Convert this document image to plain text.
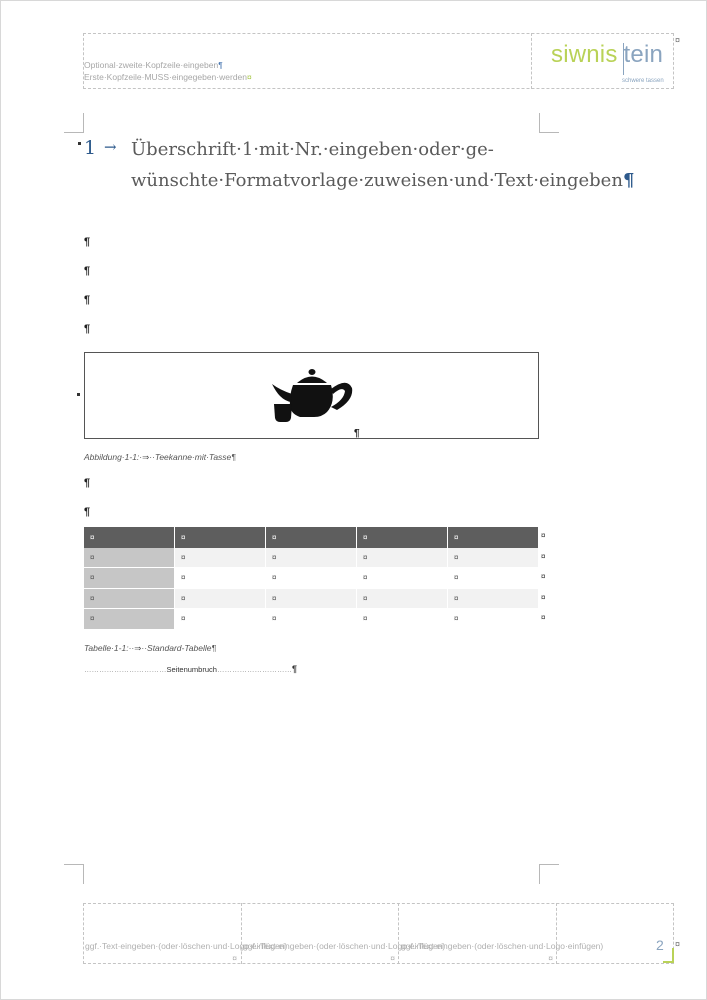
Optional·zweite·Kopfzeile·eingeben¶
Erste·Kopfzeile·MUSS·eingegeben·werden¤
siwnis tein
schwere tassen
¤
1 → Überschrift·1·mit·Nr.·eingeben·oder·ge-wünschte·Formatvorlage·zuweisen·und·Text·eingeben¶
¶
¶
¶
¶
¶
Abbildung·1-1:·⇒··Teekanne·mit·Tasse¶
¶
¶
¤	¤	¤	¤	¤
¤	¤	¤	¤	¤
¤	¤	¤	¤	¤
¤	¤	¤	¤	¤
¤	¤	¤	¤	¤
¤
¤
¤
¤
¤
Tabelle·1-1:··⇒··Standard-Tabelle¶
……………………………Seitenumbruch…………………………¶
ggf.·Text·eingeben·(oder·löschen·und·Logo·einfügen)¤
ggf.·Text·eingeben·(oder·löschen·und·Logo·einfügen)¤
ggf.·Text·eingeben·(oder·löschen·und·Logo·einfügen)¤
2 ¤
